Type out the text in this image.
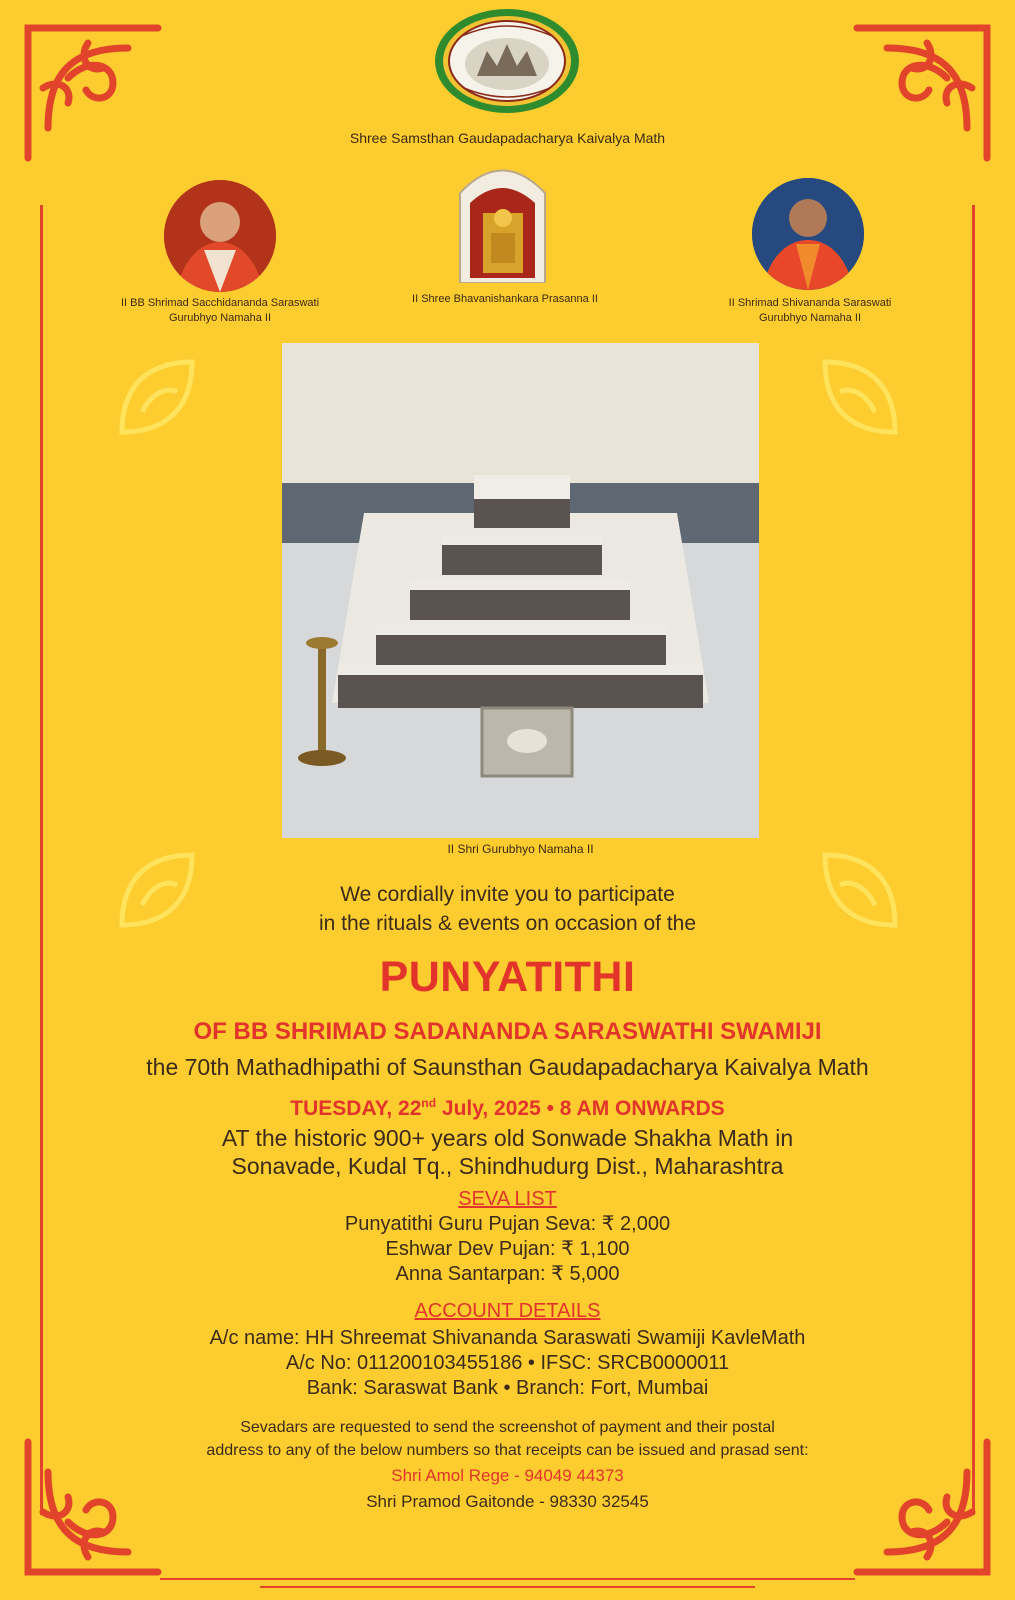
Shree Samsthan Gaudapadacharya Kaivalya Math
II BB Shrimad Sacchidananda Saraswati
Gurubhyo Namaha II
II Shree Bhavanishankara Prasanna II	II Shrimad Shivananda Saraswati
Gurubhyo Namaha II
II Shri Gurubhyo Namaha II
We cordially invite you to participate
in the rituals & events on occasion of the
PUNYATITHI
OF BB SHRIMAD SADANANDA SARASWATHI SWAMIJI
the 70th Mathadhipathi of Saunsthan Gaudapadacharya Kaivalya Math
TUESDAY, 22nd July, 2025 • 8 AM ONWARDS
AT the historic 900+ years old Sonwade Shakha Math in
Sonavade, Kudal Tq., Shindhudurg Dist., Maharashtra
SEVA LIST
Punyatithi Guru Pujan Seva: ₹ 2,000
Eshwar Dev Pujan: ₹ 1,100
Anna Santarpan: ₹ 5,000
ACCOUNT DETAILS
A/c name: HH Shreemat Shivananda Saraswati Swamiji KavleMath
A/c No: 011200103455186 • IFSC: SRCB0000011
Bank: Saraswat Bank • Branch: Fort, Mumbai
Sevadars are requested to send the screenshot of payment and their postal
address to any of the below numbers so that receipts can be issued and prasad sent:
Shri Amol Rege - 94049 44373
Shri Pramod Gaitonde - 98330 32545
